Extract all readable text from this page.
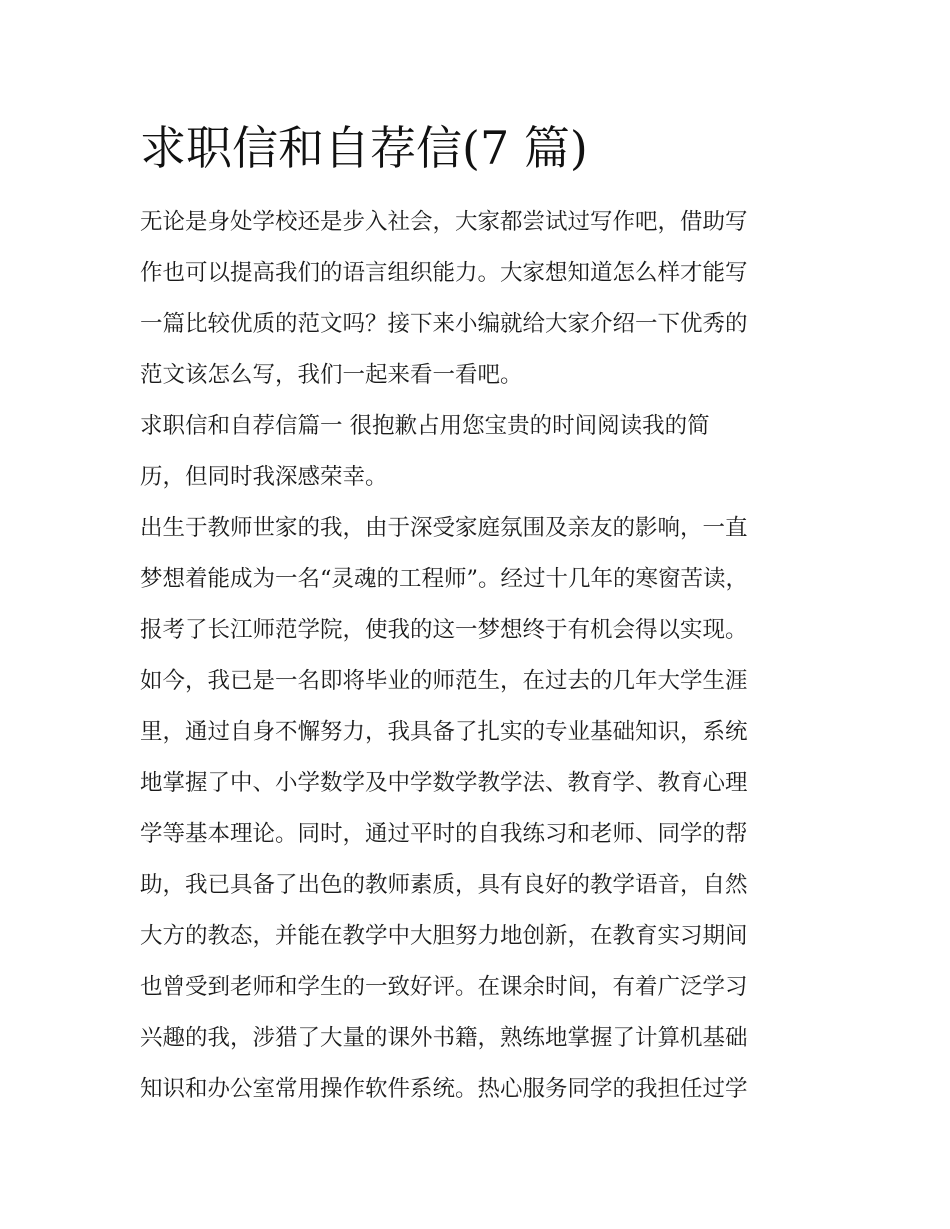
求职信和自荐信(7 篇)

无论是身处学校还是步入社会，大家都尝试过写作吧，借助写
作也可以提高我们的语言组织能力。大家想知道怎么样才能写
一篇比较优质的范文吗？接下来小编就给大家介绍一下优秀的
范文该怎么写，我们一起来看一看吧。

求职信和自荐信篇一 很抱歉占用您宝贵的时间阅读我的简
历，但同时我深感荣幸。

出生于教师世家的我，由于深受家庭氛围及亲友的影响，一直
梦想着能成为一名“灵魂的工程师”。经过十几年的寒窗苦读，
报考了长江师范学院，使我的这一梦想终于有机会得以实现。
如今，我已是一名即将毕业的师范生，在过去的几年大学生涯
里，通过自身不懈努力，我具备了扎实的专业基础知识，系统
地掌握了中、小学数学及中学数学教学法、教育学、教育心理
学等基本理论。同时，通过平时的自我练习和老师、同学的帮
助，我已具备了出色的教师素质，具有良好的教学语音，自然
大方的教态，并能在教学中大胆努力地创新，在教育实习期间
也曾受到老师和学生的一致好评。在课余时间，有着广泛学习
兴趣的我，涉猎了大量的课外书籍，熟练地掌握了计算机基础
知识和办公室常用操作软件系统。热心服务同学的我担任过学
